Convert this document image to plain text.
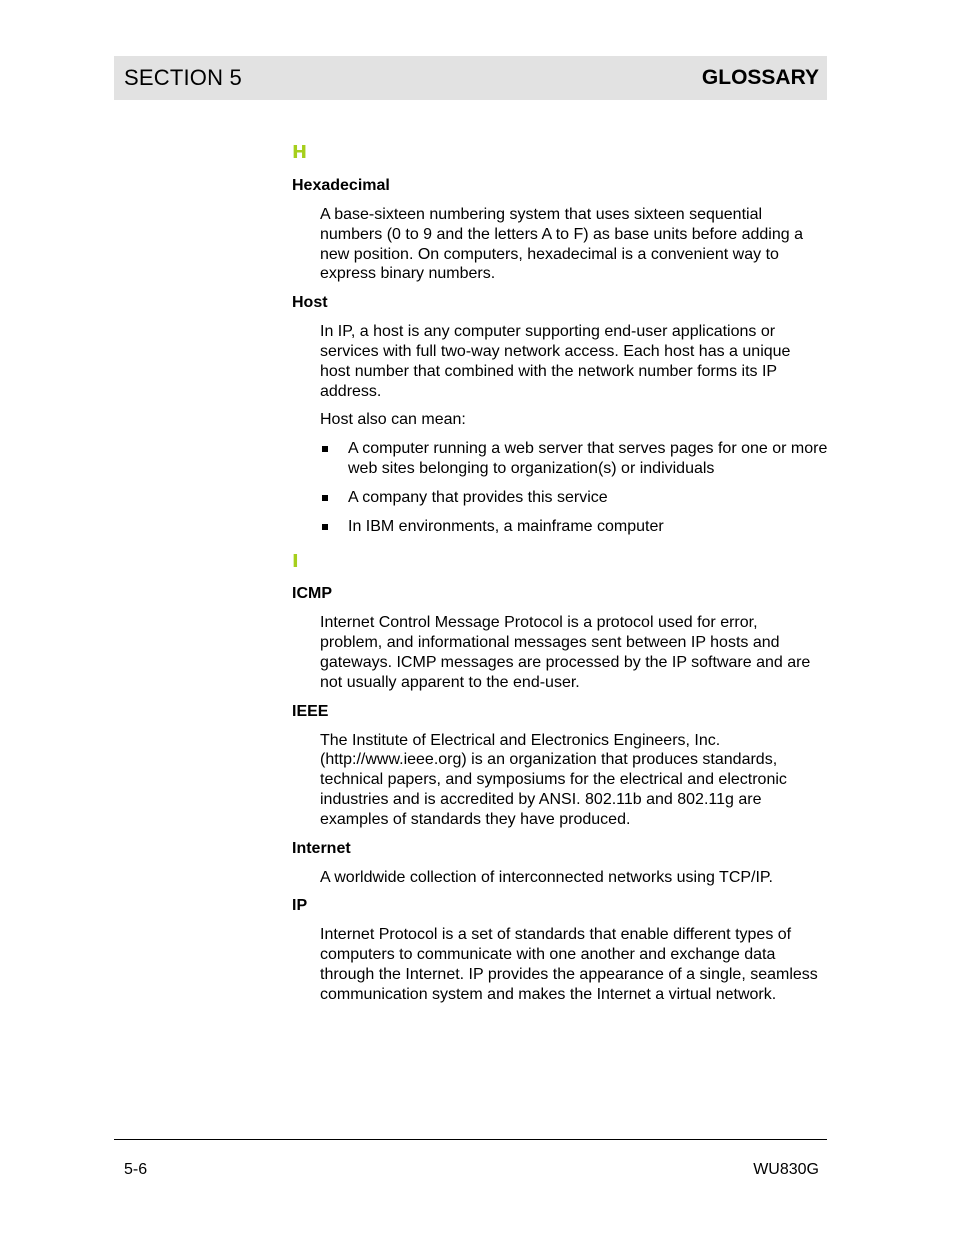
SECTION 5	GLOSSARY
H
Hexadecimal

A base-sixteen numbering system that uses sixteen sequential numbers (0 to 9 and the letters A to F) as base units before adding a new position. On computers, hexadecimal is a convenient way to express binary numbers.

Host

In IP, a host is any computer supporting end-user applications or services with full two-way network access. Each host has a unique host number that combined with the network number forms its IP address.

Host also can mean:

A computer running a web server that serves pages for one or more web sites belonging to organization(s) or individuals
A company that provides this service
In IBM environments, a mainframe computer
I
ICMP

Internet Control Message Protocol is a protocol used for error, problem, and informational messages sent between IP hosts and gateways. ICMP messages are processed by the IP software and are not usually apparent to the end-user.

IEEE

The Institute of Electrical and Electronics Engineers, Inc. (http://www.ieee.org) is an organization that produces standards, technical papers, and symposiums for the electrical and electronic industries and is accredited by ANSI. 802.11b and 802.11g are examples of standards they have produced.

Internet

A worldwide collection of interconnected networks using TCP/IP.

IP

Internet Protocol is a set of standards that enable different types of computers to communicate with one another and exchange data through the Internet. IP provides the appearance of a single, seamless communication system and makes the Internet a virtual network.

5-6	WU830G
